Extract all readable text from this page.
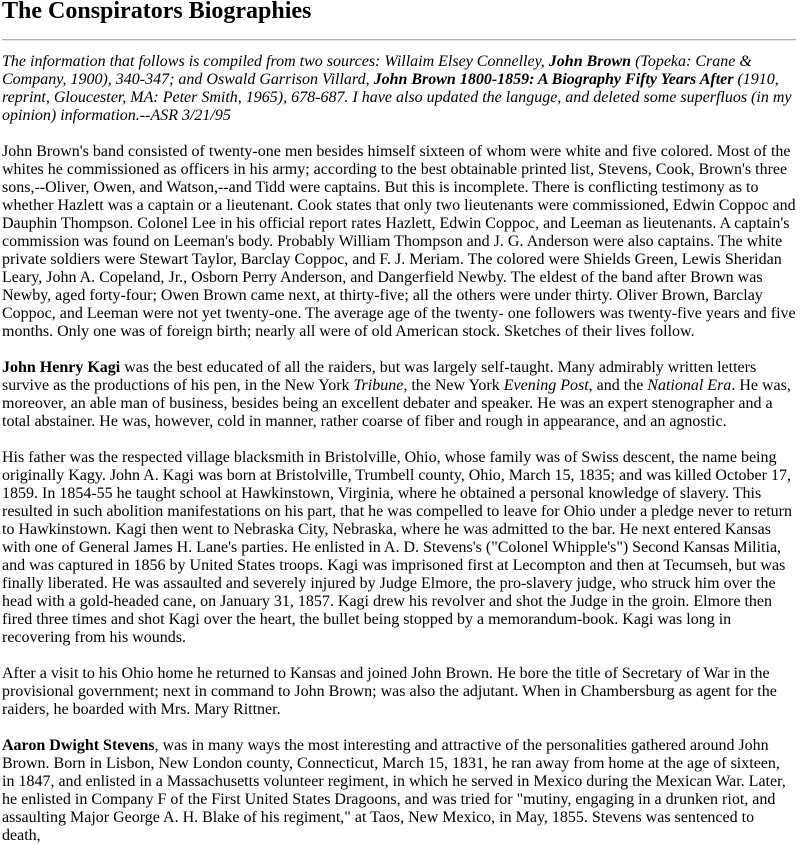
The Conspirators Biographies

The information that follows is compiled from two sources: Willaim Elsey Connelley, John Brown (Topeka: Crane & Company, 1900), 340-347; and Oswald Garrison Villard, John Brown 1800-1859: A Biography Fifty Years After (1910, reprint, Gloucester, MA: Peter Smith, 1965), 678-687. I have also updated the languge, and deleted some superfluos (in my opinion) information.--ASR 3/21/95

John Brown's band consisted of twenty-one men besides himself sixteen of whom were white and five colored. Most of the whites he commissioned as officers in his army; according to the best obtainable printed list, Stevens, Cook, Brown's three sons,--Oliver, Owen, and Watson,--and Tidd were captains. But this is incomplete. There is conflicting testimony as to whether Hazlett was a captain or a lieutenant. Cook states that only two lieutenants were commissioned, Edwin Coppoc and Dauphin Thompson. Colonel Lee in his official report rates Hazlett, Edwin Coppoc, and Leeman as lieutenants. A captain's commission was found on Leeman's body. Probably William Thompson and J. G. Anderson were also captains. The white private soldiers were Stewart Taylor, Barclay Coppoc, and F. J. Meriam. The colored were Shields Green, Lewis Sheridan Leary, John A. Copeland, Jr., Osborn Perry Anderson, and Dangerfield Newby. The eldest of the band after Brown was Newby, aged forty-four; Owen Brown came next, at thirty-five; all the others were under thirty. Oliver Brown, Barclay Coppoc, and Leeman were not yet twenty-one. The average age of the twenty- one followers was twenty-five years and five months. Only one was of foreign birth; nearly all were of old American stock. Sketches of their lives follow.

John Henry Kagi was the best educated of all the raiders, but was largely self-taught. Many admirably written letters survive as the productions of his pen, in the New York Tribune, the New York Evening Post, and the National Era. He was, moreover, an able man of business, besides being an excellent debater and speaker. He was an expert stenographer and a total abstainer. He was, however, cold in manner, rather coarse of fiber and rough in appearance, and an agnostic.

His father was the respected village blacksmith in Bristolville, Ohio, whose family was of Swiss descent, the name being originally Kagy. John A. Kagi was born at Bristolville, Trumbell county, Ohio, March 15, 1835; and was killed October 17, 1859. In 1854-55 he taught school at Hawkinstown, Virginia, where he obtained a personal knowledge of slavery. This resulted in such abolition manifestations on his part, that he was compelled to leave for Ohio under a pledge never to return to Hawkinstown. Kagi then went to Nebraska City, Nebraska, where he was admitted to the bar. He next entered Kansas with one of General James H. Lane's parties. He enlisted in A. D. Stevens's ("Colonel Whipple's") Second Kansas Militia, and was captured in 1856 by United States troops. Kagi was imprisoned first at Lecompton and then at Tecumseh, but was finally liberated. He was assaulted and severely injured by Judge Elmore, the pro-slavery judge, who struck him over the head with a gold-headed cane, on January 31, 1857. Kagi drew his revolver and shot the Judge in the groin. Elmore then fired three times and shot Kagi over the heart, the bullet being stopped by a memorandum-book. Kagi was long in recovering from his wounds.

After a visit to his Ohio home he returned to Kansas and joined John Brown. He bore the title of Secretary of War in the provisional government; next in command to John Brown; was also the adjutant. When in Chambersburg as agent for the raiders, he boarded with Mrs. Mary Rittner.

Aaron Dwight Stevens, was in many ways the most interesting and attractive of the personalities gathered around John Brown. Born in Lisbon, New London county, Connecticut, March 15, 1831, he ran away from home at the age of sixteen, in 1847, and enlisted in a Massachusetts volunteer regiment, in which he served in Mexico during the Mexican War. Later, he enlisted in Company F of the First United States Dragoons, and was tried for "mutiny, engaging in a drunken riot, and assaulting Major George A. H. Blake of his regiment," at Taos, New Mexico, in May, 1855. Stevens was sentenced to death,
